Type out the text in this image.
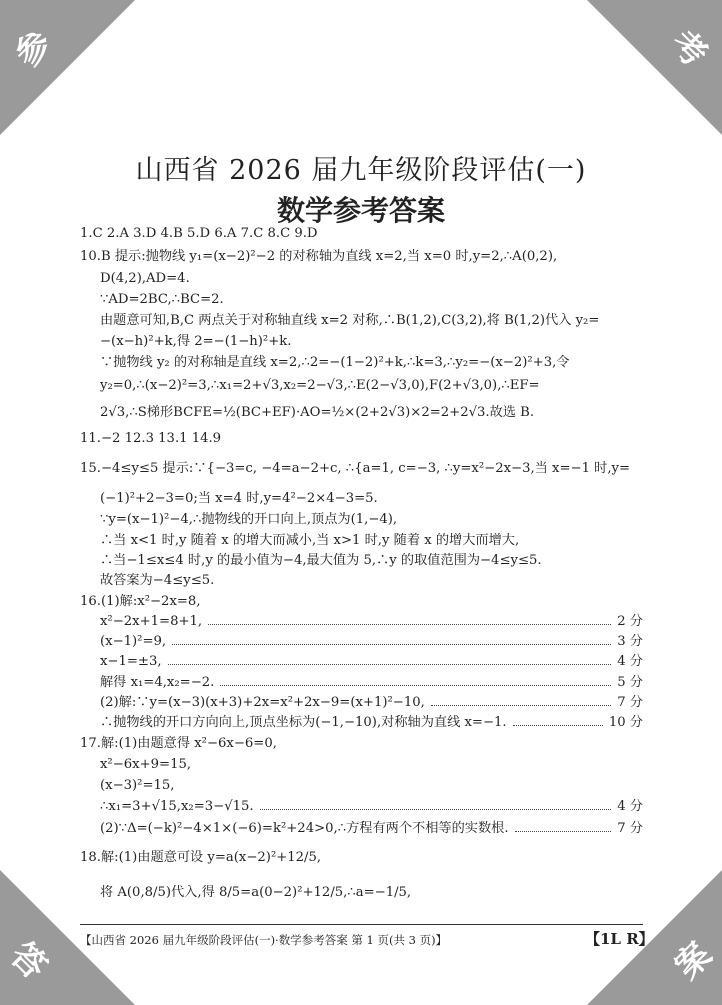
参	考
答	案
山西省 2026 届九年级阶段评估(一)
数学参考答案
1.C 2.A 3.D 4.B 5.D 6.A 7.C 8.C 9.D
10.B 提示:抛物线 y₁=(x−2)²−2 的对称轴为直线 x=2,当 x=0 时,y=2,∴A(0,2),
D(4,2),AD=4.
∵AD=2BC,∴BC=2.
由题意可知,B,C 两点关于对称轴直线 x=2 对称,∴B(1,2),C(3,2),将 B(1,2)代入 y₂=
−(x−h)²+k,得 2=−(1−h)²+k.
∵抛物线 y₂ 的对称轴是直线 x=2,∴2=−(1−2)²+k,∴k=3,∴y₂=−(x−2)²+3,令
y₂=0,∴(x−2)²=3,∴x₁=2+√3,x₂=2−√3,∴E(2−√3,0),F(2+√3,0),∴EF=
2√3,∴S梯形BCFE=½(BC+EF)·AO=½×(2+2√3)×2=2+2√3.故选 B.
11.−2 12.3 13.1 14.9
15.−4≤y≤5 提示:∵{−3=c, −4=a−2+c, ∴{a=1, c=−3, ∴y=x²−2x−3,当 x=−1 时,y=
(−1)²+2−3=0;当 x=4 时,y=4²−2×4−3=5.
∵y=(x−1)²−4,∴抛物线的开口向上,顶点为(1,−4),
∴当 x<1 时,y 随着 x 的增大而减小,当 x>1 时,y 随着 x 的增大而增大,
∴当−1≤x≤4 时,y 的最小值为−4,最大值为 5,∴y 的取值范围为−4≤y≤5.
故答案为−4≤y≤5.
16.(1)解:x²−2x=8,
x²−2x+1=8+1,	2 分
(x−1)²=9,	3 分
x−1=±3,	4 分
解得 x₁=4,x₂=−2.	5 分
(2)解:∵y=(x−3)(x+3)+2x=x²+2x−9=(x+1)²−10,	7 分
∴抛物线的开口方向向上,顶点坐标为(−1,−10),对称轴为直线 x=−1.	10 分
17.解:(1)由题意得 x²−6x−6=0,
x²−6x+9=15,
(x−3)²=15,
∴x₁=3+√15,x₂=3−√15.	4 分
(2)∵Δ=(−k)²−4×1×(−6)=k²+24>0,∴方程有两个不相等的实数根.	7 分
18.解:(1)由题意可设 y=a(x−2)²+12/5,
将 A(0,8/5)代入,得 8/5=a(0−2)²+12/5,∴a=−1/5,
【山西省 2026 届九年级阶段评估(一)·数学参考答案 第 1 页(共 3 页)】	【1L R】
